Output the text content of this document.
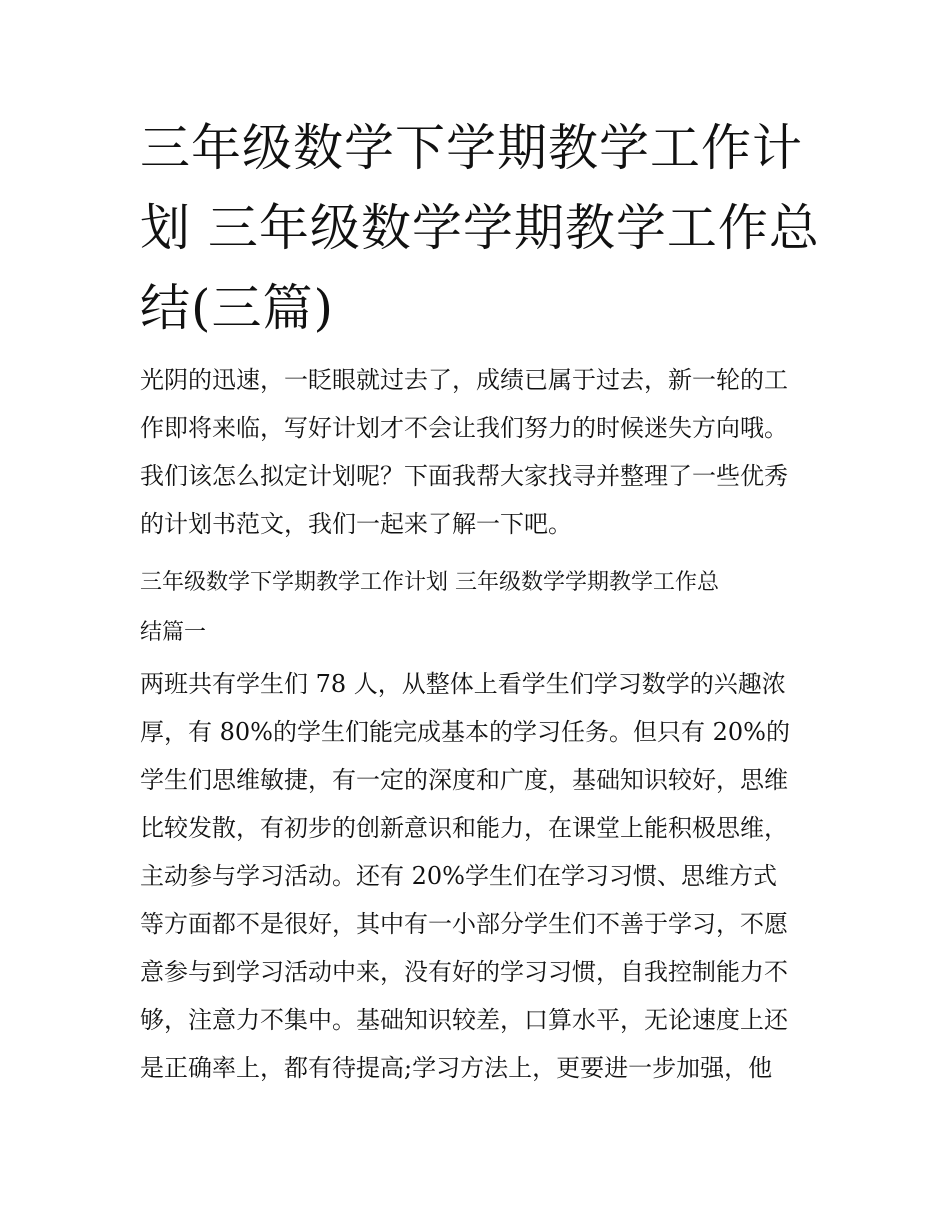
三年级数学下学期教学工作计
划 三年级数学学期教学工作总
结(三篇)
光阴的迅速，一眨眼就过去了，成绩已属于过去，新一轮的工
作即将来临，写好计划才不会让我们努力的时候迷失方向哦。
我们该怎么拟定计划呢？下面我帮大家找寻并整理了一些优秀
的计划书范文，我们一起来了解一下吧。
三年级数学下学期教学工作计划 三年级数学学期教学工作总
结篇一
两班共有学生们 78 人，从整体上看学生们学习数学的兴趣浓
厚，有 80%的学生们能完成基本的学习任务。但只有 20%的
学生们思维敏捷，有一定的深度和广度，基础知识较好，思维
比较发散，有初步的创新意识和能力，在课堂上能积极思维，
主动参与学习活动。还有 20%学生们在学习习惯、思维方式
等方面都不是很好，其中有一小部分学生们不善于学习，不愿
意参与到学习活动中来，没有好的学习习惯，自我控制能力不
够，注意力不集中。基础知识较差，口算水平，无论速度上还
是正确率上，都有待提高;学习方法上，更要进一步加强，他
